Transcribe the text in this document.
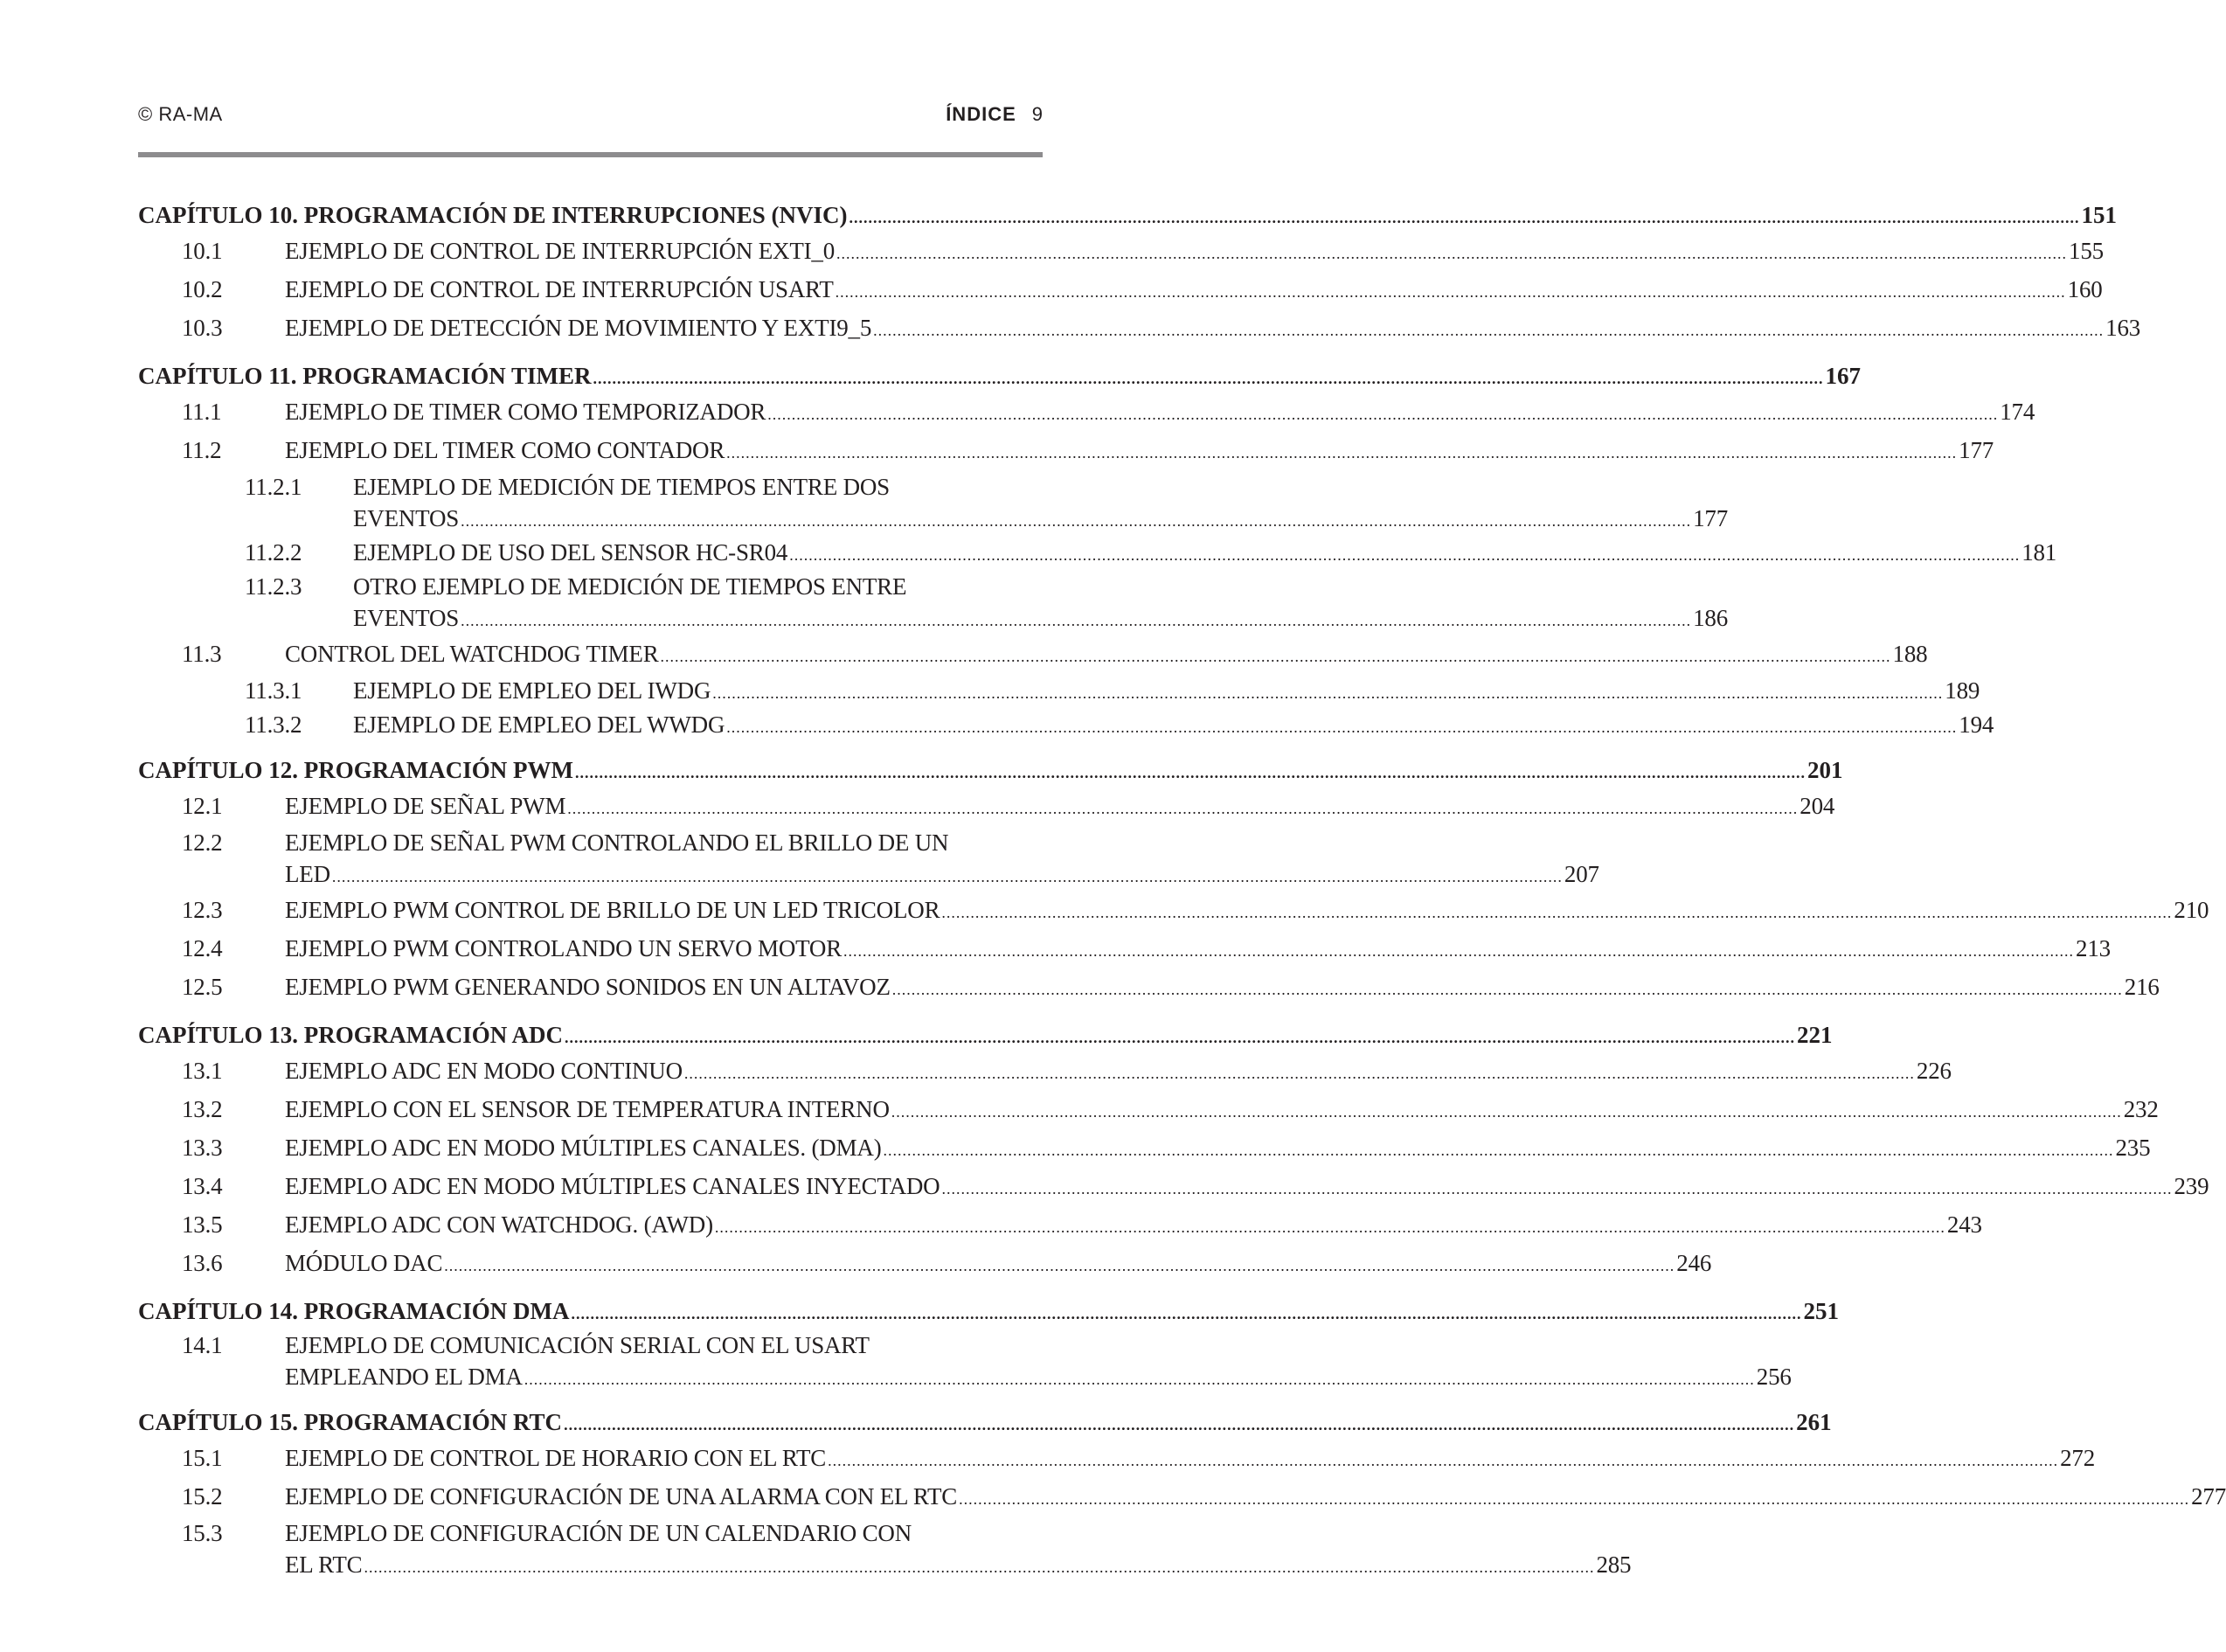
© RA-MA	ÍNDICE 9
CAPÍTULO 10. PROGRAMACIÓN DE INTERRUPCIONES (NVIC) .....	151
10.1	EJEMPLO DE CONTROL DE INTERRUPCIÓN EXTI_0 .....	155
10.2	EJEMPLO DE CONTROL DE INTERRUPCIÓN USART .....	160
10.3	EJEMPLO DE DETECCIÓN DE MOVIMIENTO Y EXTI9_5 .....	163
CAPÍTULO 11. PROGRAMACIÓN TIMER .....	167
11.1	EJEMPLO DE TIMER COMO TEMPORIZADOR .....	174
11.2	EJEMPLO DEL TIMER COMO CONTADOR .....	177
11.2.1	EJEMPLO DE MEDICIÓN DE TIEMPOS ENTRE DOS
EVENTOS .....	177
11.2.2	EJEMPLO DE USO DEL SENSOR HC-SR04 .....	181
11.2.3	OTRO EJEMPLO DE MEDICIÓN DE TIEMPOS ENTRE
EVENTOS .....	186
11.3	CONTROL DEL WATCHDOG TIMER .....	188
11.3.1	EJEMPLO DE EMPLEO DEL IWDG .....	189
11.3.2	EJEMPLO DE EMPLEO DEL WWDG .....	194
CAPÍTULO 12. PROGRAMACIÓN PWM .....	201
12.1	EJEMPLO DE SEÑAL PWM .....	204
12.2	EJEMPLO DE SEÑAL PWM CONTROLANDO EL BRILLO DE UN
LED .....	207
12.3	EJEMPLO PWM CONTROL DE BRILLO DE UN LED TRICOLOR .....	210
12.4	EJEMPLO PWM CONTROLANDO UN SERVO MOTOR .....	213
12.5	EJEMPLO PWM GENERANDO SONIDOS EN UN ALTAVOZ .....	216
CAPÍTULO 13. PROGRAMACIÓN ADC .....	221
13.1	EJEMPLO ADC EN MODO CONTINUO .....	226
13.2	EJEMPLO CON EL SENSOR DE TEMPERATURA INTERNO .....	232
13.3	EJEMPLO ADC EN MODO MÚLTIPLES CANALES. (DMA) .....	235
13.4	EJEMPLO ADC EN MODO MÚLTIPLES CANALES INYECTADO .....	239
13.5	EJEMPLO ADC CON WATCHDOG. (AWD) .....	243
13.6	MÓDULO DAC .....	246
CAPÍTULO 14. PROGRAMACIÓN DMA .....	251
14.1	EJEMPLO DE COMUNICACIÓN SERIAL CON EL USART
EMPLEANDO EL DMA .....	256
CAPÍTULO 15. PROGRAMACIÓN RTC .....	261
15.1	EJEMPLO DE CONTROL DE HORARIO CON EL RTC .....	272
15.2	EJEMPLO DE CONFIGURACIÓN DE UNA ALARMA CON EL RTC .....	277
15.3	EJEMPLO DE CONFIGURACIÓN DE UN CALENDARIO CON
EL RTC .....	285
